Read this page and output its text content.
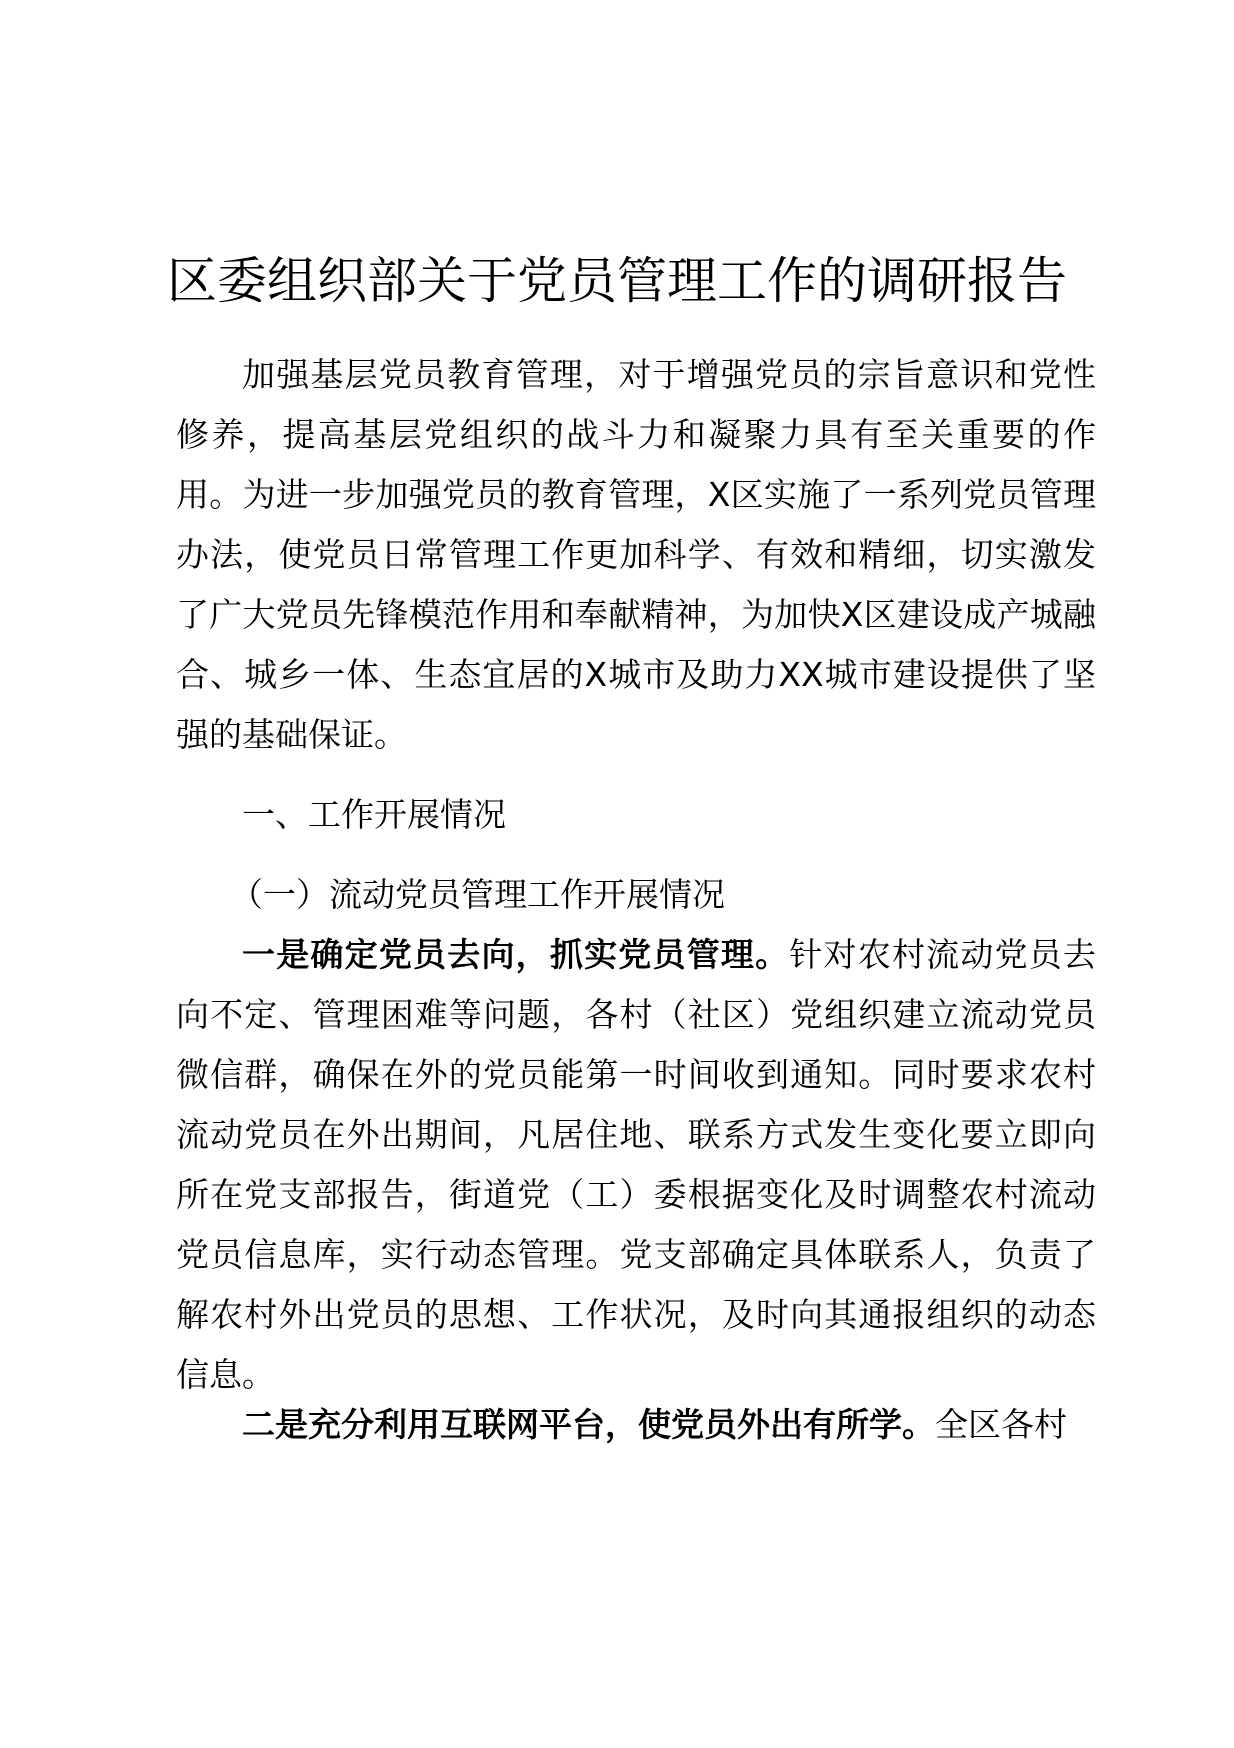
区委组织部关于党员管理工作的调研报告

加强基层党员教育管理，对于增强党员的宗旨意识和党性修养，提高基层党组织的战斗力和凝聚力具有至关重要的作用。为进一步加强党员的教育管理，X区实施了一系列党员管理办法，使党员日常管理工作更加科学、有效和精细，切实激发了广大党员先锋模范作用和奉献精神，为加快X区建设成产城融合、城乡一体、生态宜居的X城市及助力XX城市建设提供了坚强的基础保证。

一、工作开展情况

（一）流动党员管理工作开展情况

一是确定党员去向，抓实党员管理。针对农村流动党员去向不定、管理困难等问题，各村（社区）党组织建立流动党员微信群，确保在外的党员能第一时间收到通知。同时要求农村流动党员在外出期间，凡居住地、联系方式发生变化要立即向所在党支部报告，街道党（工）委根据变化及时调整农村流动党员信息库，实行动态管理。党支部确定具体联系人，负责了解农村外出党员的思想、工作状况，及时向其通报组织的动态信息。

二是充分利用互联网平台，使党员外出有所学。全区各村
